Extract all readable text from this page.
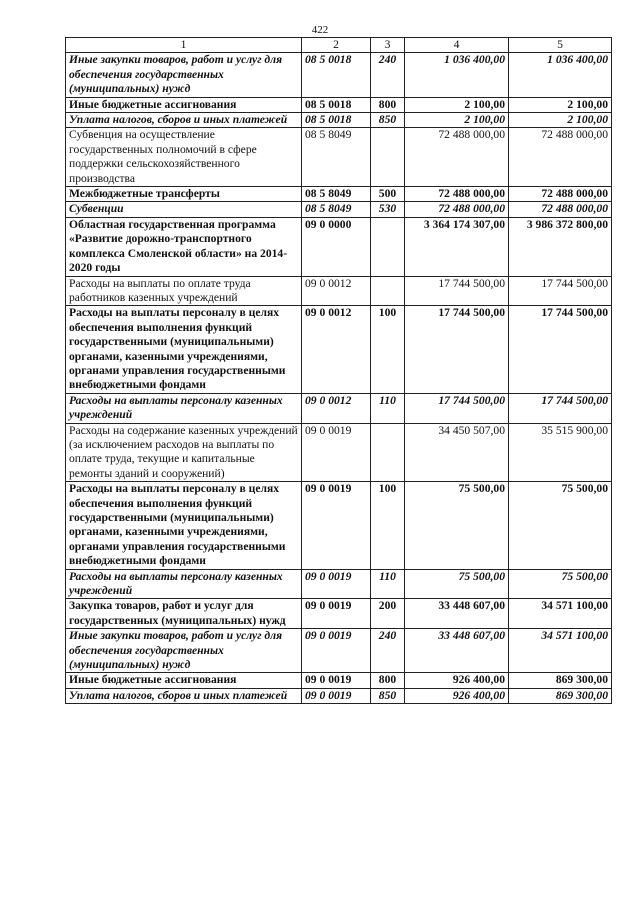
422
1	2	3	4	5
Иные закупки товаров, работ и услуг для обеспечения государственных (муниципальных) нужд	08 5 0018	240	1 036 400,00	1 036 400,00
Иные бюджетные ассигнования	08 5 0018	800	2 100,00	2 100,00
Уплата налогов, сборов и иных платежей	08 5 0018	850	2 100,00	2 100,00
Субвенция на осуществление государственных полномочий в сфере поддержки сельскохозяйственного производства	08 5 8049		72 488 000,00	72 488 000,00
Межбюджетные трансферты	08 5 8049	500	72 488 000,00	72 488 000,00
Субвенции	08 5 8049	530	72 488 000,00	72 488 000,00
Областная государственная программа «Развитие дорожно-транспортного комплекса Смоленской области» на 2014-2020 годы	09 0 0000		3 364 174 307,00	3 986 372 800,00
Расходы на выплаты по оплате труда работников казенных учреждений	09 0 0012		17 744 500,00	17 744 500,00
Расходы на выплаты персоналу в целях обеспечения выполнения функций государственными (муниципальными) органами, казенными учреждениями, органами управления государственными внебюджетными фондами	09 0 0012	100	17 744 500,00	17 744 500,00
Расходы на выплаты персоналу казенных учреждений	09 0 0012	110	17 744 500,00	17 744 500,00
Расходы на содержание казенных учреждений (за исключением расходов на выплаты по оплате труда, текущие и капитальные ремонты зданий и сооружений)	09 0 0019		34 450 507,00	35 515 900,00
Расходы на выплаты персоналу в целях обеспечения выполнения функций государственными (муниципальными) органами, казенными учреждениями, органами управления государственными внебюджетными фондами	09 0 0019	100	75 500,00	75 500,00
Расходы на выплаты персоналу казенных учреждений	09 0 0019	110	75 500,00	75 500,00
Закупка товаров, работ и услуг для государственных (муниципальных) нужд	09 0 0019	200	33 448 607,00	34 571 100,00
Иные закупки товаров, работ и услуг для обеспечения государственных (муниципальных) нужд	09 0 0019	240	33 448 607,00	34 571 100,00
Иные бюджетные ассигнования	09 0 0019	800	926 400,00	869 300,00
Уплата налогов, сборов и иных платежей	09 0 0019	850	926 400,00	869 300,00
